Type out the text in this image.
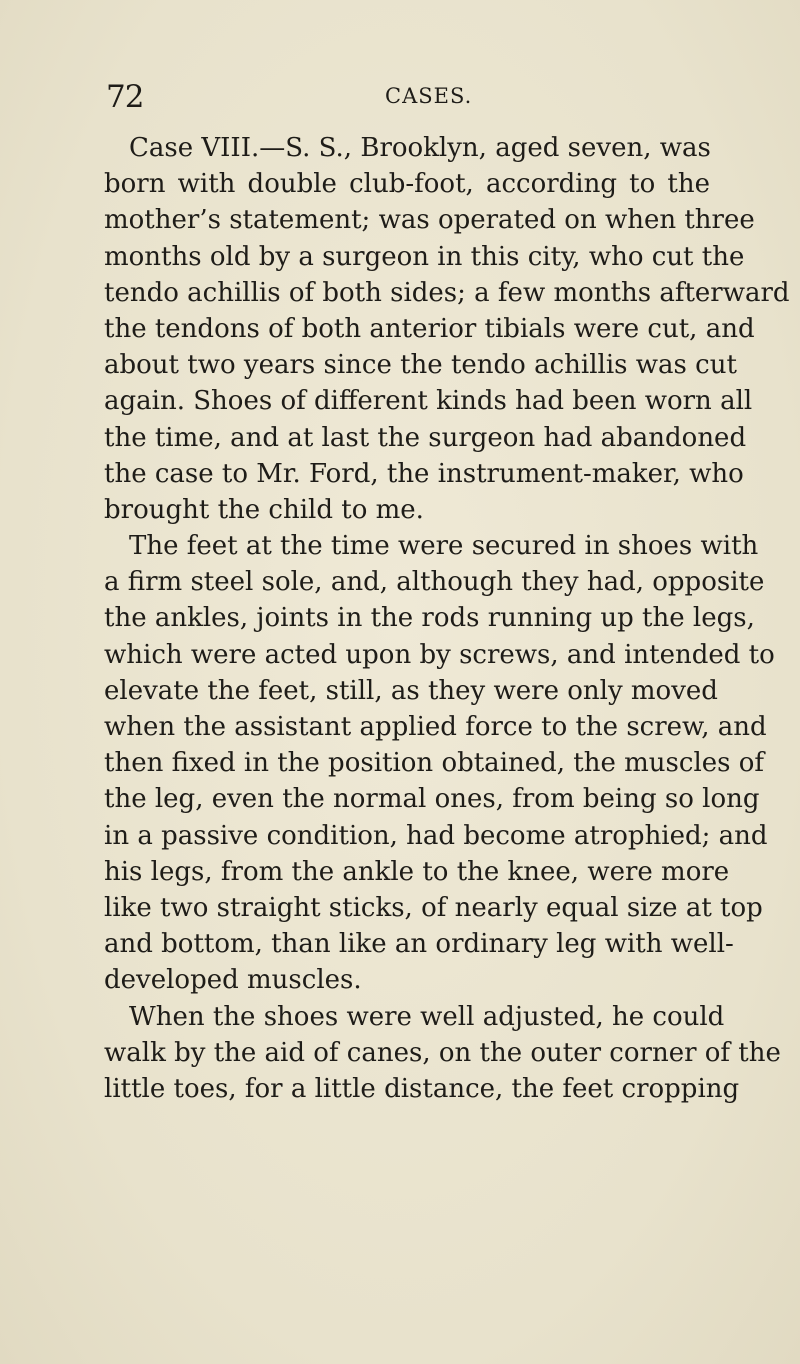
72	CASES.
Case VIII.—S. S., Brooklyn, aged seven, was
born with double club-foot, according to the
mother’s statement; was operated on when three
months old by a surgeon in this city, who cut the
tendo achillis of both sides; a few months afterward
the tendons of both anterior tibials were cut, and
about two years since the tendo achillis was cut
again. Shoes of different kinds had been worn all
the time, and at last the surgeon had abandoned
the case to Mr. Ford, the instrument-maker, who
brought the child to me.
The feet at the time were secured in shoes with
a firm steel sole, and, although they had, opposite
the ankles, joints in the rods running up the legs,
which were acted upon by screws, and intended to
elevate the feet, still, as they were only moved
when the assistant applied force to the screw, and
then fixed in the position obtained, the muscles of
the leg, even the normal ones, from being so long
in a passive condition, had become atrophied; and
his legs, from the ankle to the knee, were more
like two straight sticks, of nearly equal size at top
and bottom, than like an ordinary leg with well-
developed muscles.
When the shoes were well adjusted, he could
walk by the aid of canes, on the outer corner of the
little toes, for a little distance, the feet cropping
